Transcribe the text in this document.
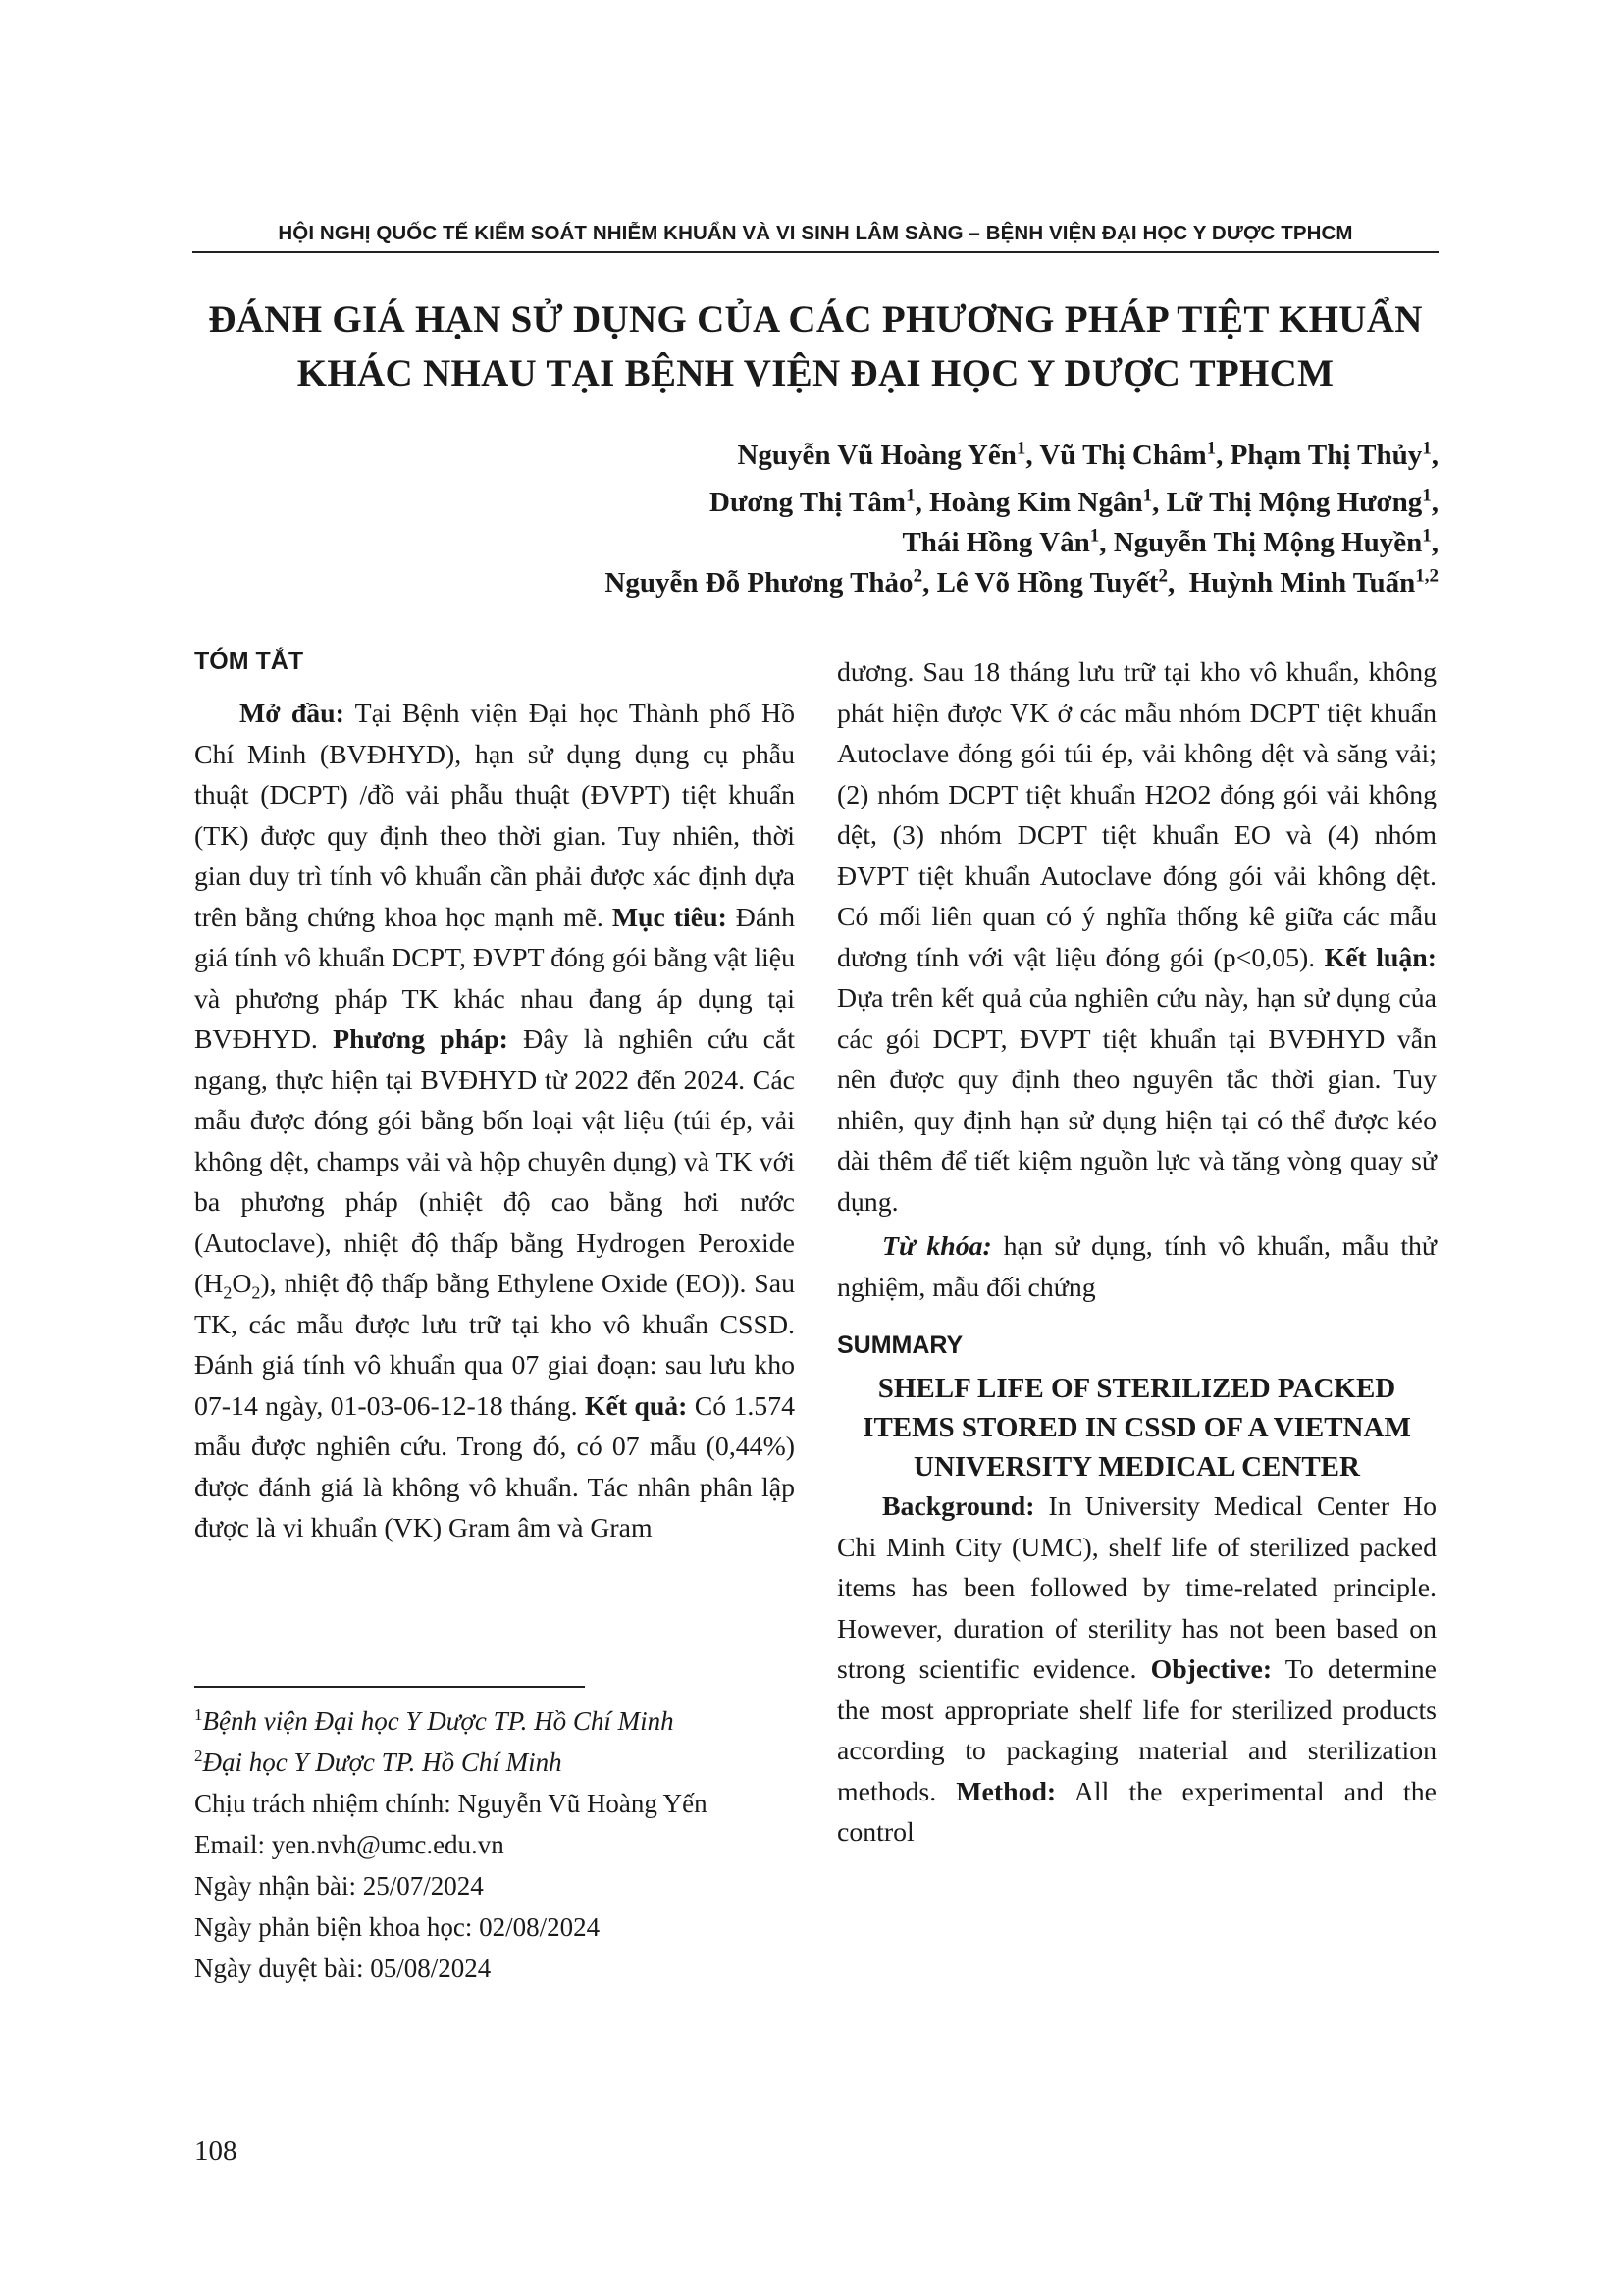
HỘI NGHỊ QUỐC TẾ KIỂM SOÁT NHIỄM KHUẨN VÀ VI SINH LÂM SÀNG – BỆNH VIỆN ĐẠI HỌC Y DƯỢC TPHCM
ĐÁNH GIÁ HẠN SỬ DỤNG CỦA CÁC PHƯƠNG PHÁP TIỆT KHUẨN
KHÁC NHAU TẠI BỆNH VIỆN ĐẠI HỌC Y DƯỢC TPHCM
Nguyễn Vũ Hoàng Yến$^1$, Vũ Thị Châm$^1$, Phạm Thị Thủy$^1$,
Dương Thị Tâm$^1$, Hoàng Kim Ngân$^1$, Lữ Thị Mộng Hương$^1$,
Thái Hồng Vân$^1$, Nguyễn Thị Mộng Huyền$^1$,
Nguyễn Đỗ Phương Thảo$^2$, Lê Võ Hồng Tuyết$^2$,  Huỳnh Minh Tuấn$^{1,2}$
TÓM TẮT
Mở đầu: Tại Bệnh viện Đại học Thành phố Hồ Chí Minh (BVĐHYD), hạn sử dụng dụng cụ phẫu thuật (DCPT) /đồ vải phẫu thuật (ĐVPT) tiệt khuẩn (TK) được quy định theo thời gian. Tuy nhiên, thời gian duy trì tính vô khuẩn cần phải được xác định dựa trên bằng chứng khoa học mạnh mẽ. Mục tiêu: Đánh giá tính vô khuẩn DCPT, ĐVPT đóng gói bằng vật liệu và phương pháp TK khác nhau đang áp dụng tại BVĐHYD. Phương pháp: Đây là nghiên cứu cắt ngang, thực hiện tại BVĐHYD từ 2022 đến 2024. Các mẫu được đóng gói bằng bốn loại vật liệu (túi ép, vải không dệt, champs vải và hộp chuyên dụng) và TK với ba phương pháp (nhiệt độ cao bằng hơi nước (Autoclave), nhiệt độ thấp bằng Hydrogen Peroxide $(H_2O_2)$, nhiệt độ thấp bằng Ethylene Oxide (EO)). Sau TK, các mẫu được lưu trữ tại kho vô khuẩn CSSD. Đánh giá tính vô khuẩn qua 07 giai đoạn: sau lưu kho 07-14 ngày, 01-03-06-12-18 tháng. Kết quả: Có 1.574 mẫu được nghiên cứu. Trong đó, có 07 mẫu (0,44%) được đánh giá là không vô khuẩn. Tác nhân phân lập được là vi khuẩn (VK) Gram âm và Gram
$^1$Bệnh viện Đại học Y Dược TP. Hồ Chí Minh
$^2$Đại học Y Dược TP. Hồ Chí Minh
Chịu trách nhiệm chính: Nguyễn Vũ Hoàng Yến
Email: yen.nvh@umc.edu.vn
Ngày nhận bài: 25/07/2024
Ngày phản biện khoa học: 02/08/2024
Ngày duyệt bài: 05/08/2024
108
dương. Sau 18 tháng lưu trữ tại kho vô khuẩn, không phát hiện được VK ở các mẫu nhóm DCPT tiệt khuẩn Autoclave đóng gói túi ép, vải không dệt và săng vải; (2) nhóm DCPT tiệt khuẩn H2O2 đóng gói vải không dệt, (3) nhóm DCPT tiệt khuẩn EO và (4) nhóm ĐVPT tiệt khuẩn Autoclave đóng gói vải không dệt. Có mối liên quan có ý nghĩa thống kê giữa các mẫu dương tính với vật liệu đóng gói (p<0,05). Kết luận: Dựa trên kết quả của nghiên cứu này, hạn sử dụng của các gói DCPT, ĐVPT tiệt khuẩn tại BVĐHYD vẫn nên được quy định theo nguyên tắc thời gian. Tuy nhiên, quy định hạn sử dụng hiện tại có thể được kéo dài thêm để tiết kiệm nguồn lực và tăng vòng quay sử dụng.
Từ khóa: hạn sử dụng, tính vô khuẩn, mẫu thử nghiệm, mẫu đối chứng
SUMMARY
SHELF LIFE OF STERILIZED PACKED ITEMS STORED IN CSSD OF A VIETNAM UNIVERSITY MEDICAL CENTER
Background: In University Medical Center Ho Chi Minh City (UMC), shelf life of sterilized packed items has been followed by time-related principle. However, duration of sterility has not been based on strong scientific evidence. Objective: To determine the most appropriate shelf life for sterilized products according to packaging material and sterilization methods. Method: All the experimental and the control
